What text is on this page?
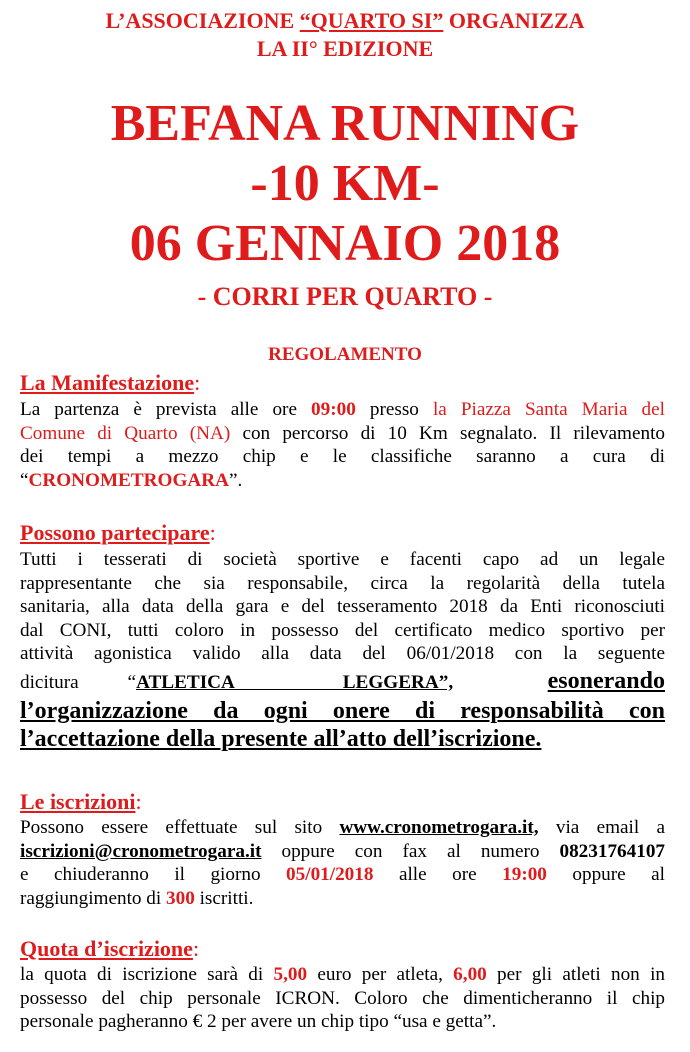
L’ASSOCIAZIONE “QUARTO SI” ORGANIZZA
LA II° EDIZIONE
BEFANA RUNNING
-10 KM-
06 GENNAIO 2018
- CORRI PER QUARTO -
REGOLAMENTO
La Manifestazione:
La partenza è prevista alle ore 09:00 presso la Piazza Santa Maria del
Comune di Quarto (NA) con percorso di 10 Km segnalato. Il rilevamento
dei tempi a mezzo chip e le classifiche saranno a cura di
“CRONOMETROGARA”.
Possono partecipare:
Tutti i tesserati di società sportive e facenti capo ad un legale
rappresentante che sia responsabile, circa la regolarità della tutela
sanitaria, alla data della gara e del tesseramento 2018 da Enti riconosciuti
dal CONI, tutti coloro in possesso del certificato medico sportivo per
attività agonistica valido alla data del 06/01/2018 con la seguente
dicitura	“ATLETICA LEGGERA”,	esonerando
l’organizzazione da ogni onere di responsabilità con
l’accettazione della presente all’atto dell’iscrizione.
Le iscrizioni:
Possono essere effettuate sul sito www.cronometrogara.it, via email a
iscrizioni@cronometrogara.it oppure con fax al numero 08231764107
e chiuderanno il giorno 05/01/2018 alle ore 19:00 oppure al
raggiungimento di 300 iscritti.
Quota d’iscrizione:
la quota di iscrizione sarà di 5,00 euro per atleta, 6,00 per gli atleti non in
possesso del chip personale ICRON. Coloro che dimenticheranno il chip
personale pagheranno € 2 per avere un chip tipo “usa e getta”.
